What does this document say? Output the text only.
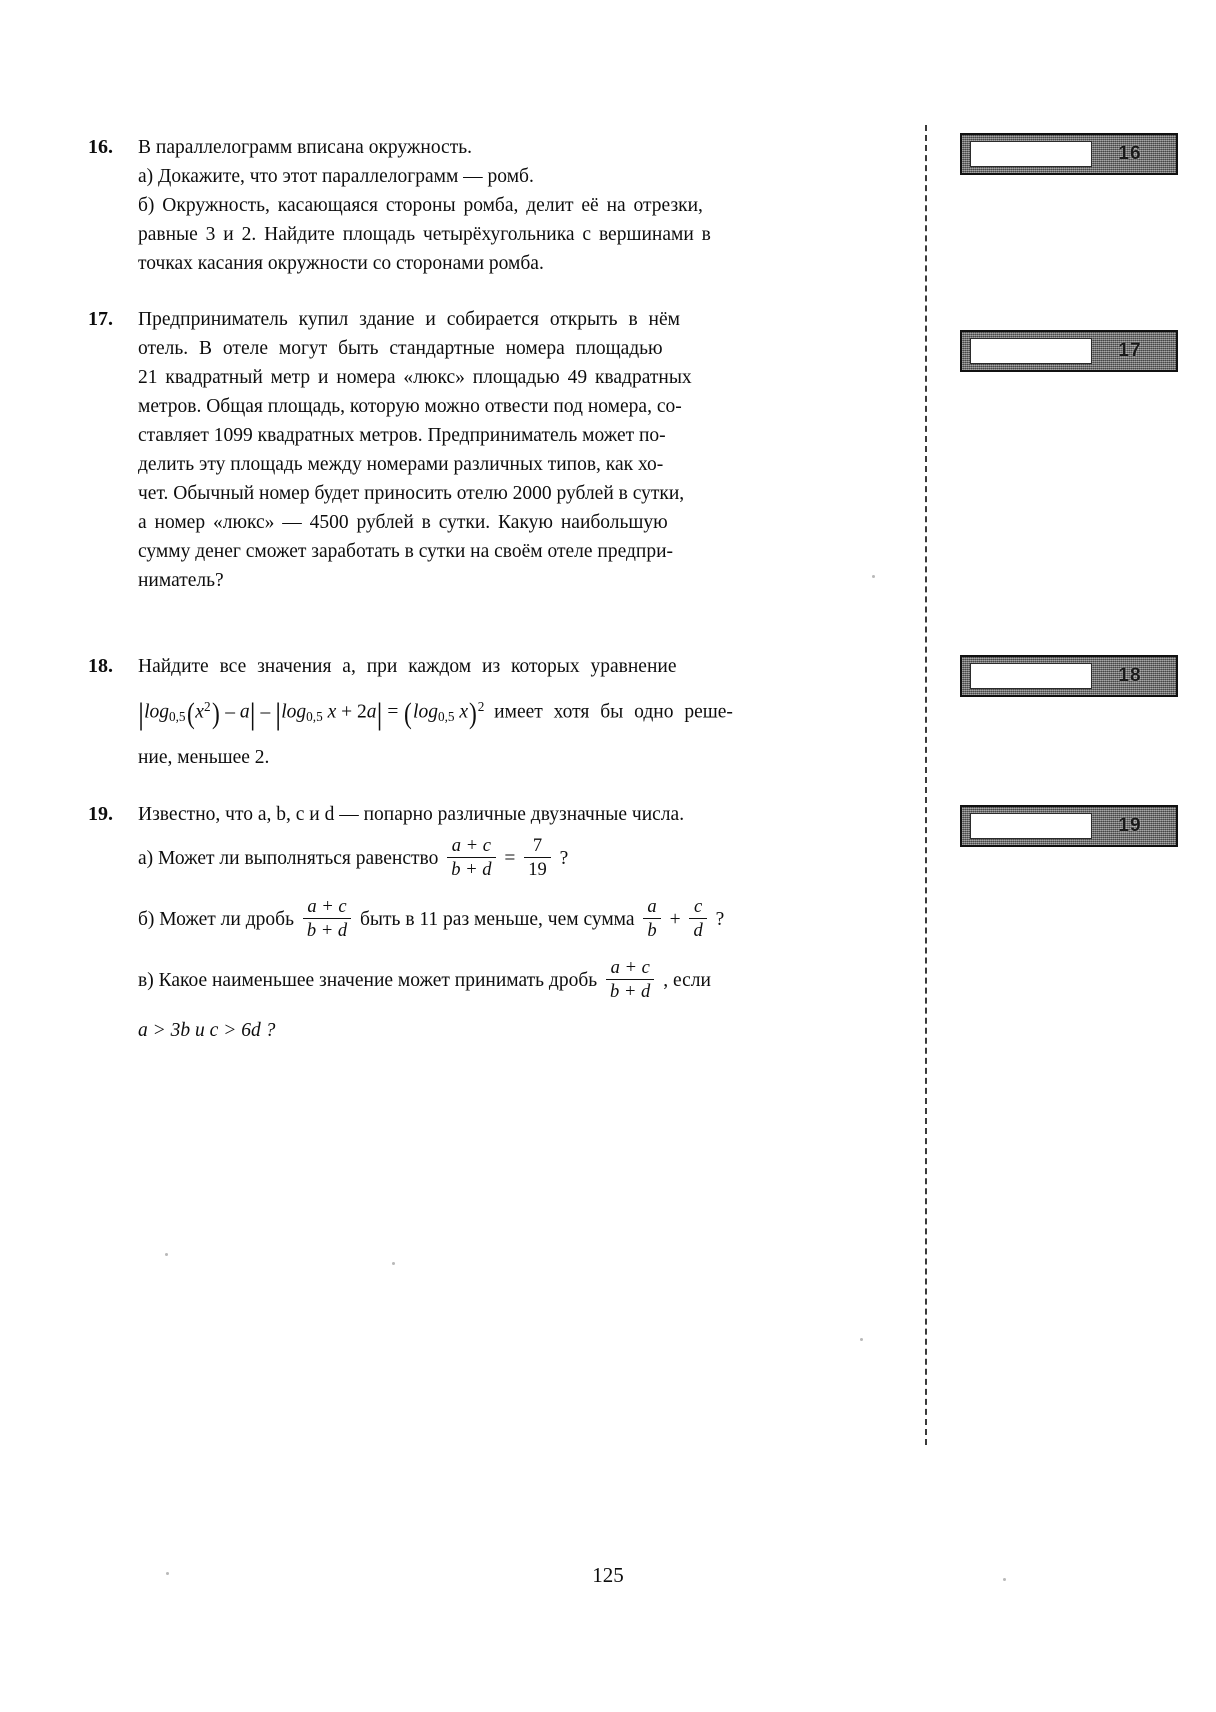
16
17
18
19
16.	В параллелограмм вписана окружность.
а) Докажите, что этот параллелограмм — ромб.
б) Окружность, касающаяся стороны ромба, делит её на отрезки,
равные 3 и 2. Найдите площадь четырёхугольника с вершинами в
точках касания окружности со сторонами ромба.
17.	Предприниматель купил здание и собирается открыть в нём
отель. В отеле могут быть стандартные номера площадью
21 квадратный метр и номера «люкс» площадью 49 квадратных
метров. Общая площадь, которую можно отвести под номера, со-
ставляет 1099 квадратных метров. Предприниматель может по-
делить эту площадь между номерами различных типов, как хо-
чет. Обычный номер будет приносить отелю 2000 рублей в сутки,
а номер «люкс» — 4500 рублей в сутки. Какую наибольшую
сумму денег сможет заработать в сутки на своём отеле предпри-
ниматель?
18.	Найдите все значения a, при каждом из которых уравнение
$|\log_{0,5}(x^2) - a| - |\log_{0,5}$ $x + 2a| = (\log_{0,5}$ x)$^2$ имеет хотя бы одно реше-
ние, меньшее 2.
19.	Известно, что a, b, c и d — попарно различные двузначные числа.
а) Может ли выполняться равенство $\frac{a + c}{b + d} = \frac{7}{19}$ ?
б) Может ли дробь $\frac{a + c}{b + d}$ быть в 11 раз меньше, чем сумма $\frac{a}{b} + \frac{c}{d}$ ?
в) Какое наименьшее значение может принимать дробь $\frac{a + c}{b + d}$ , если
a > 3b и c > 6d ?
125
